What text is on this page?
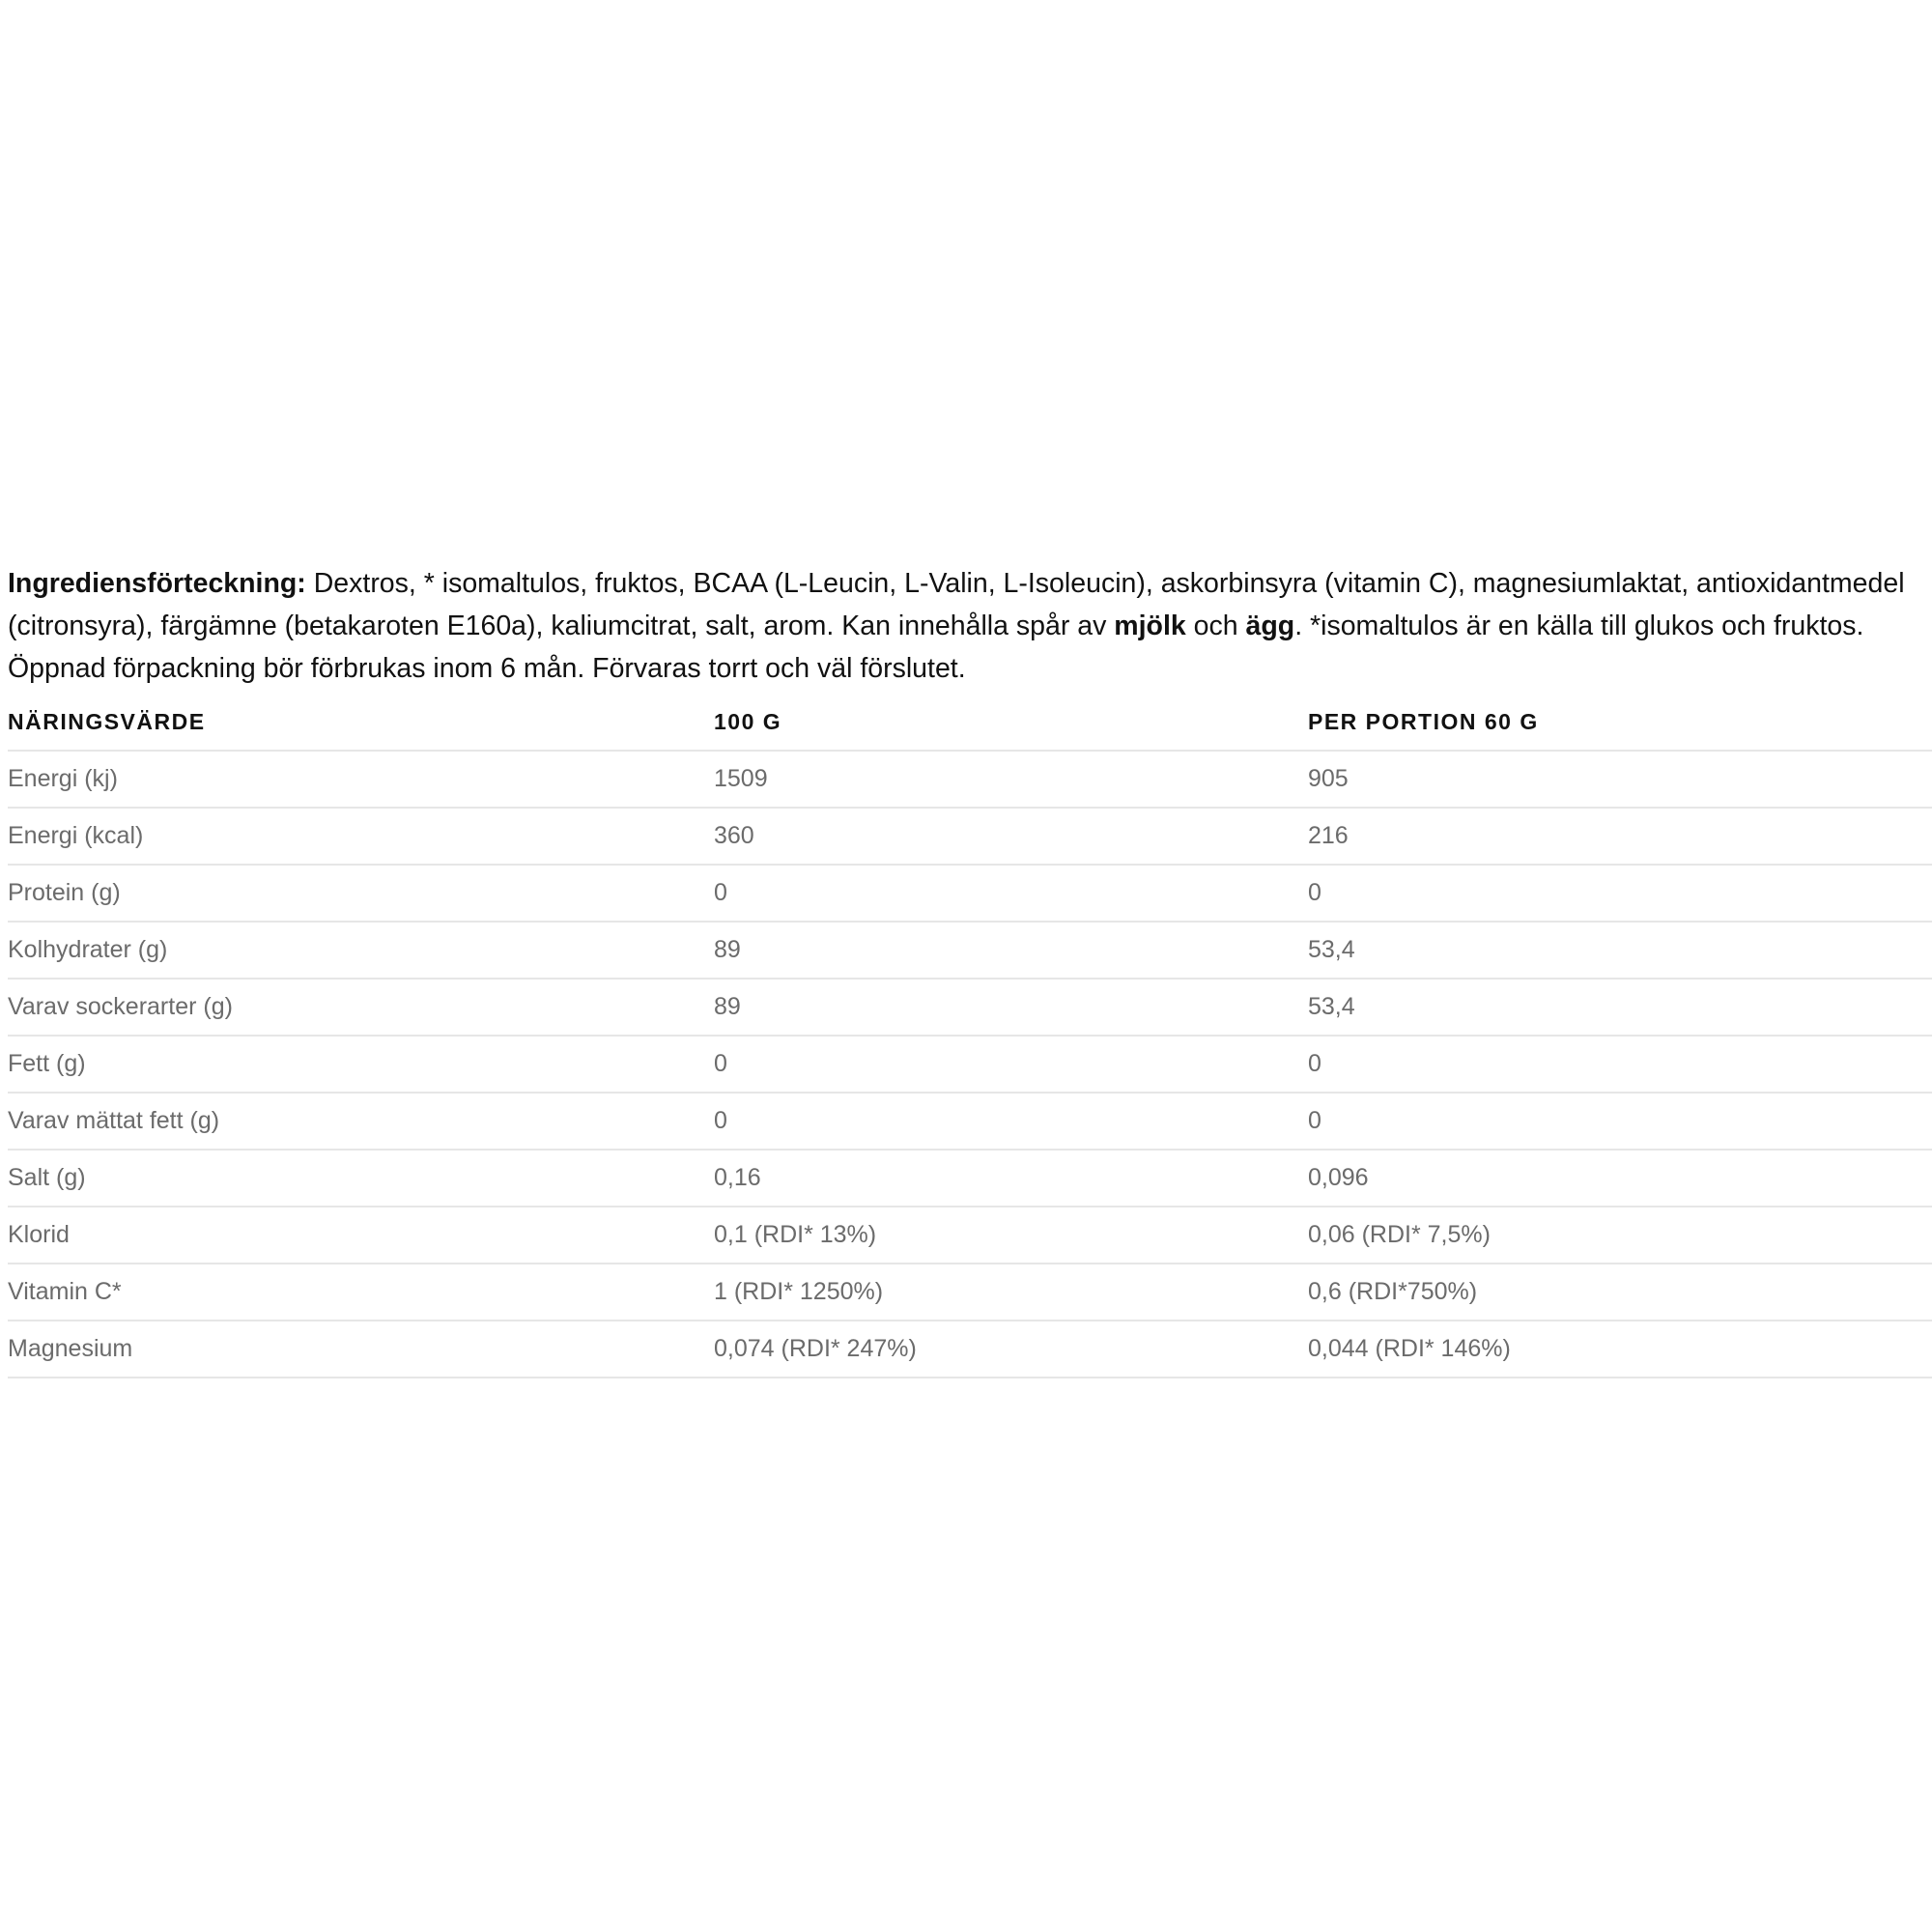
Ingrediensförteckning: Dextros, * isomaltulos, fruktos, BCAA (L-Leucin, L-Valin, L-Isoleucin), askorbinsyra (vitamin C), magnesiumlaktat, antioxidantmedel (citronsyra), färgämne (betakaroten E160a), kaliumcitrat, salt, arom. Kan innehålla spår av mjölk och ägg. *isomaltulos är en källa till glukos och fruktos. Öppnad förpackning bör förbrukas inom 6 mån. Förvaras torrt och väl förslutet.

NÄRINGSVÄRDE	100 G	PER PORTION 60 G
Energi (kj)	1509	905
Energi (kcal)	360	216
Protein (g)	0	0
Kolhydrater (g)	89	53,4
Varav sockerarter (g)	89	53,4
Fett (g)	0	0
Varav mättat fett (g)	0	0
Salt (g)	0,16	0,096
Klorid	0,1 (RDI* 13%)	0,06 (RDI* 7,5%)
Vitamin C*	1 (RDI* 1250%)	0,6 (RDI*750%)
Magnesium	0,074 (RDI* 247%)	0,044 (RDI* 146%)
